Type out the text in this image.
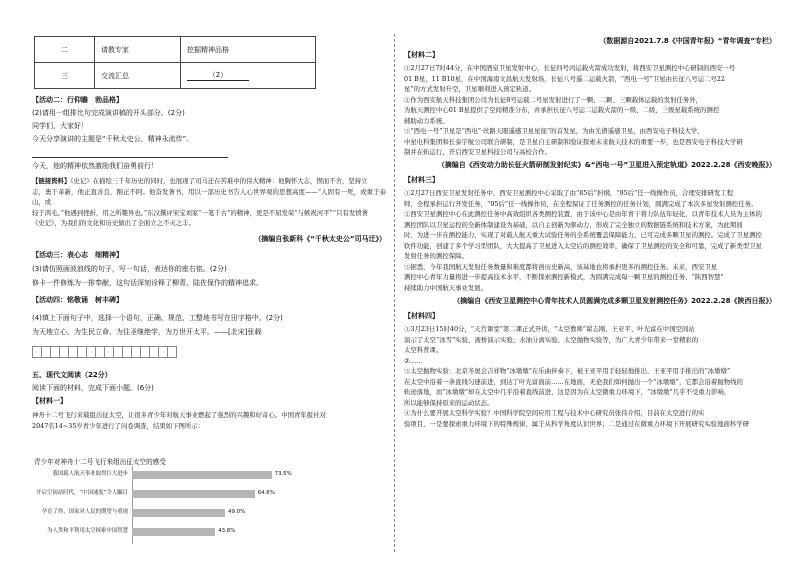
二	请教专家	挖掘精神品格
三	交流汇总	（2）
【活动二：行仰瞻　勃品格】
(2)请用一组排比句完成演讲稿的开头部分。(2分)
同学们，大家好！
今天分享演讲的主题是“千秋太史公，精神永流传”。
今天，他的精神依然激励我们奋勇前行！
【链接资料】《史记》在描绘三千年历史的同时，也展现了司马迁在苦难中的伟大精神：他胸怀大志，锲而不舍，坚持立
志，勇于革新，他正直善良，刚正不阿。他奋发著书，用以一部历史书告人心世界观的思想高度——“人固有一死，或重于泰山，或
轻于鸿毛。”他遇到挫折，用之所趣异也。”东汉撰评宋宝刘家“一笔千古”的精神，更是不屈发荣“与嫉祝河平”“只有发愤著
《史记》，为我们的文化和历史做出了全面立之不灭之丰。
（摘编自张新科《“千秋太史公”司马迁》）
【活动三：表心志　细精神】
(3)请仿照画波浪线的句子，写一句话，表达你的座右铭。(2分)
修卡一件修炼为一排奉献，这句话深刻诠释了柳青、陆佐保作的精神追求。
【活动四：铭敬诵　树丰碑】
(4)填上下面句子中，选择一个语句，正确、规范、工整地书写在田字格中。(2分)
为天地立心，为生民立命，为往圣继绝学，为万世开太平。——[北宋]张载
五、现代文阅读（22分）
阅读下面的材料，完成下面小题。(6分)
【材料一】
神舟十二号飞行来载组出征太空，让很多青少年对航天事业燃起了强烈的兴趣和好奇心。中国青年报社对
2047名14~35岁青少年进行了问卷调查，结果如下图所示：
青少年对神舟十二号飞行来组出征太空的感受
我国载人航天事业取得巨大进步	73.5%
开启空间站时代，“中国速度”令人瞩目	64.6%
孕育了你，国家对人民的期望与重视	49.0%
为人类和平利用太空探索中国智慧	43.8%
（数据源自2021.7.8《中国青年报》“青年调查”专栏）
【材料二】
①2月27日7时44分，在中国酒泉卫星发射中心，长征四号丙运载火箭成功发射，将西安卫星测控中心研制的西安一号
01 B星、11 B10星，在中国海南文昌航天发射场，长征八号遥二运载火箭，“西电一号”卫星由长征八号运二号22
星”的方式发射升空，卫星顺利进入预定轨道。
②作为西安航天科技集团公司为长征8号运载二号星发射进行了一颗、二颗、三颗载体运载的发射任务外，
为航天测控中心01 B星提供了空间精准分布，并承担长征八号运二运载火箭的一级、二级、三级星载系统的测控
辅助动力系统。
③“西电一号”卫星是“西电”·丝路天眼遥感卫星星座“的首发星，为由光谱遥感卫星，由西安电子科技大学、
中星电科集团和长泰宇航公司联合研制，是卫星自主研制和验证探索未来航天技术的重要一步，也是西安电子科技大学研
制并在轨运行，开启西安卫星科技公司与高校合作。
（摘编自《西安动力助长征火箭研制发射纪实》&“西电一号”卫星进入预定轨道》2022.2.28《西安晚报》）
【材料三】
①2月27日西安卫星发射任务中，西安卫星测控中心采取了由“85后”担纲，“95后”任一线操作员，合理安排研发工程
师，全程承担运行开发任务，“95后”任一线操作员，在全程保证了任务测控的任务计划，圆满完成了本次多星发射测控任务。
②西安卫星测控中心在此测控任务中高效组织各类测控装置，由于该中心是由年青干将力队伍年轻化，以青年技术人员为主体的
测控团队以卫星运控的全新体制建设为基础，以自主创新为驱动力，形成了完全独立的数据链系统和技术方案，为此期间
时，为进一步在测控能力，实现了对载人航天重大试验任务的全系统覆盖保障能力，已可完成多颗卫星的测控。完成了卫星测控
软件功能，创建了多个学习型团队，大大提高了卫星进入太空后的测控效率，确保了卫星测控的安全和可靠，完成了新类型卫星
发射任务的测控保障。
③据悉，今年我国航天发射任务数量和难度都将创历史新高，该基地也将承担更多的测控任务。未来，西安卫星
测控中心青年力量将进一步提高技术水平，不断探索测控新模式，为圆满完成每一颗卫星的测控任务、“陕西智慧”
持续助力中国航天事业发展。
（摘编自《西安卫星测控中心青年技术人员圆满完成多颗卫星发射测控任务》2022.2.28《陕西日报》）
【材料四】
①3月23日15时40分，“天宫课堂”第二课正式开讲，“太空教师”翟志刚、王亚平、叶光富在中国空间站
演示了太空“冰雪”实验、液桥演示实验、水油分离实验、太空抛物实验等，为广大青少年带来一堂精彩的
太空科普课。
②……
③太空抛物实验：北京冬奥会吉祥物“冰墩墩”在乐曲伴奏下，被王亚平用手轻轻地推出，王亚平用手推出的“冰墩墩”
在太空中沿着一条直线匀速前进，到达了叶光富面前……在地面，无论我们如何抛出一个“冰墩墩”，它都会沿着抛物线的
轨迹落地，而“冰墩墩”却在太空中几乎沿着直线前进，这是因为在太空微重力环境下，“冰墩墩”几乎不受重力影响，
所以能够保持原来的运动状态。
④为什么要开展太空科学实验？中国科学院空间应用工程与技术中心研究员张伟介绍，目前在太空进行的实
验项目，一是要探索重力环境下的特殊规律，属于从科学角度认识世界；二是通过在微重力环境下开展研究实验地面科学研
